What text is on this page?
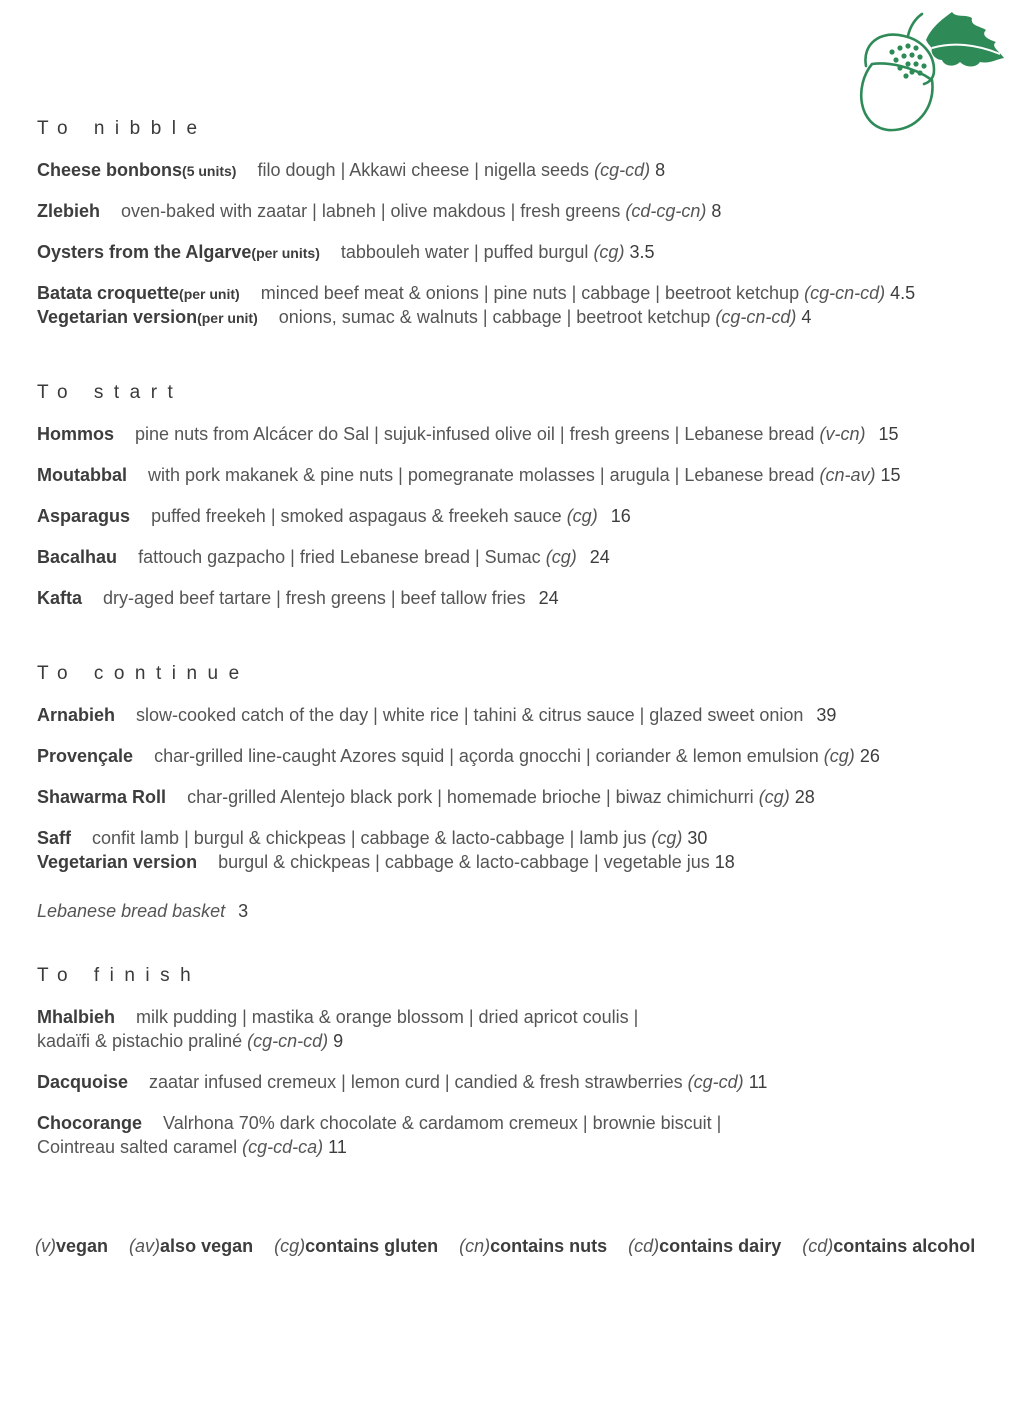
To nibble
Cheese bonbons(5 units) filo dough | Akkawi cheese | nigella seeds (cg-cd) 8
Zlebieh oven-baked with zaatar | labneh | olive makdous | fresh greens (cd-cg-cn) 8
Oysters from the Algarve(per units) tabbouleh water | puffed burgul (cg) 3.5
Batata croquette(per unit) minced beef meat & onions | pine nuts | cabbage | beetroot ketchup (cg-cn-cd) 4.5
Vegetarian version(per unit) onions, sumac & walnuts | cabbage | beetroot ketchup (cg-cn-cd) 4
To start
Hommos pine nuts from Alcácer do Sal | sujuk-infused olive oil | fresh greens | Lebanese bread (v-cn) 15
Moutabbal with pork makanek & pine nuts | pomegranate molasses | arugula | Lebanese bread (cn-av) 15
Asparagus puffed freekeh | smoked aspagaus & freekeh sauce (cg) 16
Bacalhau fattouch gazpacho | fried Lebanese bread | Sumac (cg) 24
Kafta dry-aged beef tartare | fresh greens | beef tallow fries 24
To continue
Arnabieh slow-cooked catch of the day | white rice | tahini & citrus sauce | glazed sweet onion 39
Provençale char-grilled line-caught Azores squid | açorda gnocchi | coriander & lemon emulsion (cg) 26
Shawarma Roll char-grilled Alentejo black pork | homemade brioche | biwaz chimichurri (cg) 28
Saff confit lamb | burgul & chickpeas | cabbage & lacto-cabbage | lamb jus (cg) 30
Vegetarian version burgul & chickpeas | cabbage & lacto-cabbage | vegetable jus 18
Lebanese bread basket 3
To finish
Mhalbieh milk pudding | mastika & orange blossom | dried apricot coulis |
kadaïfi & pistachio praliné (cg-cn-cd) 9
Dacquoise zaatar infused cremeux | lemon curd | candied & fresh strawberries (cg-cd) 11
Chocorange Valrhona 70% dark chocolate & cardamom cremeux | brownie biscuit |
Cointreau salted caramel (cg-cd-ca) 11
(v)vegan (av)also vegan (cg)contains gluten (cn)contains nuts (cd)contains dairy (cd)contains alcohol
